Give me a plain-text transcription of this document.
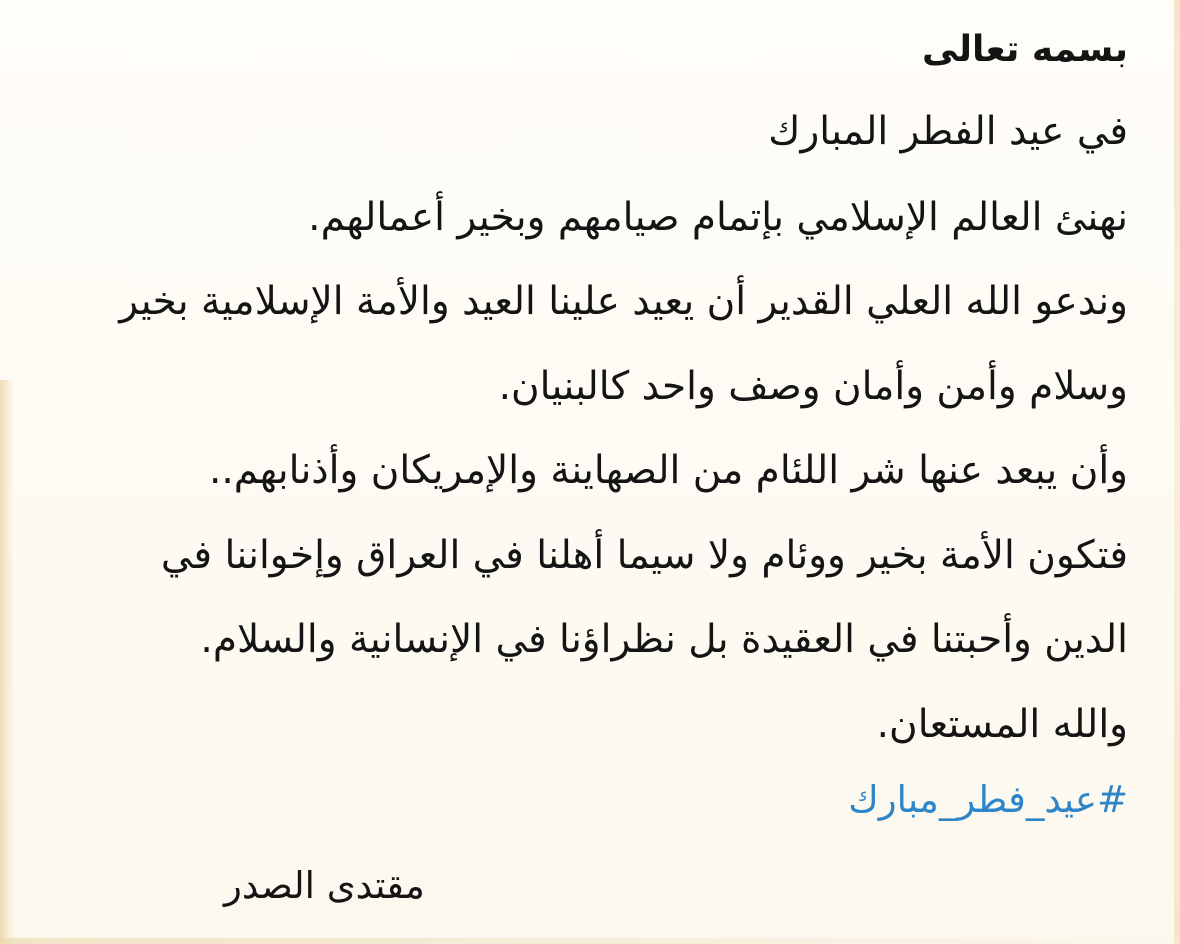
بسمه تعالى

في عيد الفطر المبارك

نهنئ العالم الإسلامي بإتمام صيامهم وبخير أعمالهم.

وندعو الله العلي القدير أن يعيد علينا العيد والأمة الإسلامية بخير

وسلام وأمن وأمان وصف واحد كالبنيان.

وأن يبعد عنها شر اللئام من الصهاينة والإمريكان وأذنابهم..

فتكون الأمة بخير ووئام ولا سيما أهلنا في العراق وإخواننا في

الدين وأحبتنا في العقيدة بل نظراؤنا في الإنسانية والسلام.

والله المستعان.

#عيد_فطر_مبارك
مقتدى الصدر
